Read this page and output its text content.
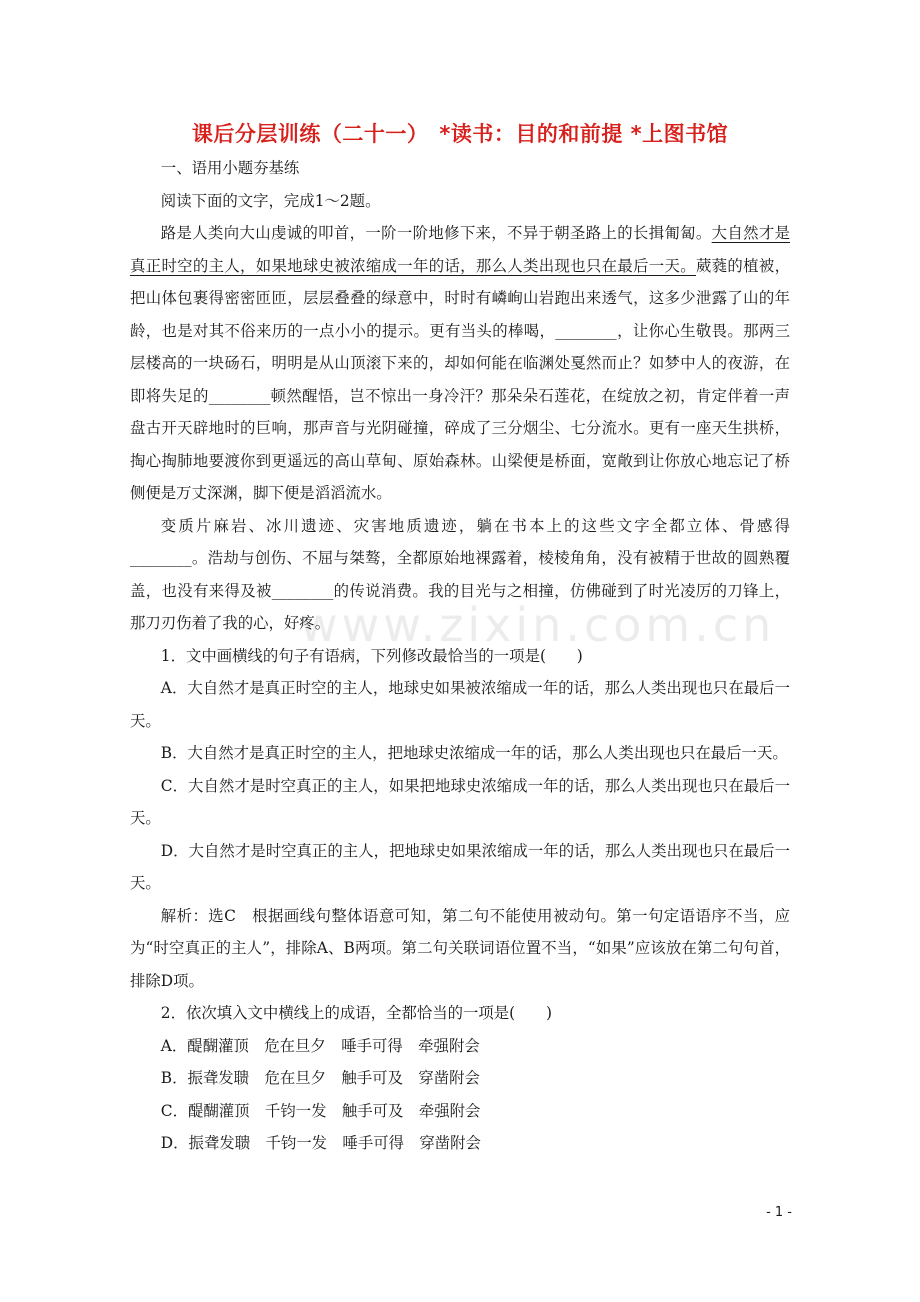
www.zixin.com.cn
课后分层训练（二十一）　*读书：目的和前提 *上图书馆

一、语用小题夯基练

阅读下面的文字，完成1～2题。

路是人类向大山虔诚的叩首，一阶一阶地修下来，不异于朝圣路上的长揖匍匐。大自然才是真正时空的主人，如果地球史被浓缩成一年的话，那么人类出现也只在最后一天。葳蕤的植被，把山体包裹得密密匝匝，层层叠叠的绿意中，时时有嶙峋山岩跑出来透气，这多少泄露了山的年龄，也是对其不俗来历的一点小小的提示。更有当头的棒喝，________，让你心生敬畏。那两三层楼高的一块砀石，明明是从山顶滚下来的，却如何能在临渊处戛然而止？如梦中人的夜游，在即将失足的________顿然醒悟，岂不惊出一身冷汗？那朵朵石莲花，在绽放之初，肯定伴着一声盘古开天辟地时的巨响，那声音与光阴碰撞，碎成了三分烟尘、七分流水。更有一座天生拱桥，掏心掏肺地要渡你到更遥远的高山草甸、原始森林。山梁便是桥面，宽敞到让你放心地忘记了桥侧便是万丈深渊，脚下便是滔滔流水。

变质片麻岩、冰川遗迹、灾害地质遗迹，躺在书本上的这些文字全都立体、骨感得________。浩劫与创伤、不屈与桀骜，全都原始地裸露着，棱棱角角，没有被精于世故的圆熟覆盖，也没有来得及被________的传说消费。我的目光与之相撞，仿佛碰到了时光凌厉的刀锋上，那刀刃伤着了我的心，好疼。

1．文中画横线的句子有语病，下列修改最恰当的一项是(　　)

A．大自然才是真正时空的主人，地球史如果被浓缩成一年的话，那么人类出现也只在最后一天。

B．大自然才是真正时空的主人，把地球史浓缩成一年的话，那么人类出现也只在最后一天。

C．大自然才是时空真正的主人，如果把地球史浓缩成一年的话，那么人类出现也只在最后一天。

D．大自然才是时空真正的主人，把地球史如果浓缩成一年的话，那么人类出现也只在最后一天。

解析：选C　根据画线句整体语意可知，第二句不能使用被动句。第一句定语语序不当，应为“时空真正的主人”，排除A、B两项。第二句关联词语位置不当，“如果”应该放在第二句句首，排除D项。

2．依次填入文中横线上的成语，全都恰当的一项是(　　)

A．醍醐灌顶　危在旦夕　唾手可得　牵强附会

B．振聋发聩　危在旦夕　触手可及　穿凿附会

C．醍醐灌顶　千钧一发　触手可及　牵强附会

D．振聋发聩　千钧一发　唾手可得　穿凿附会

- 1 -
